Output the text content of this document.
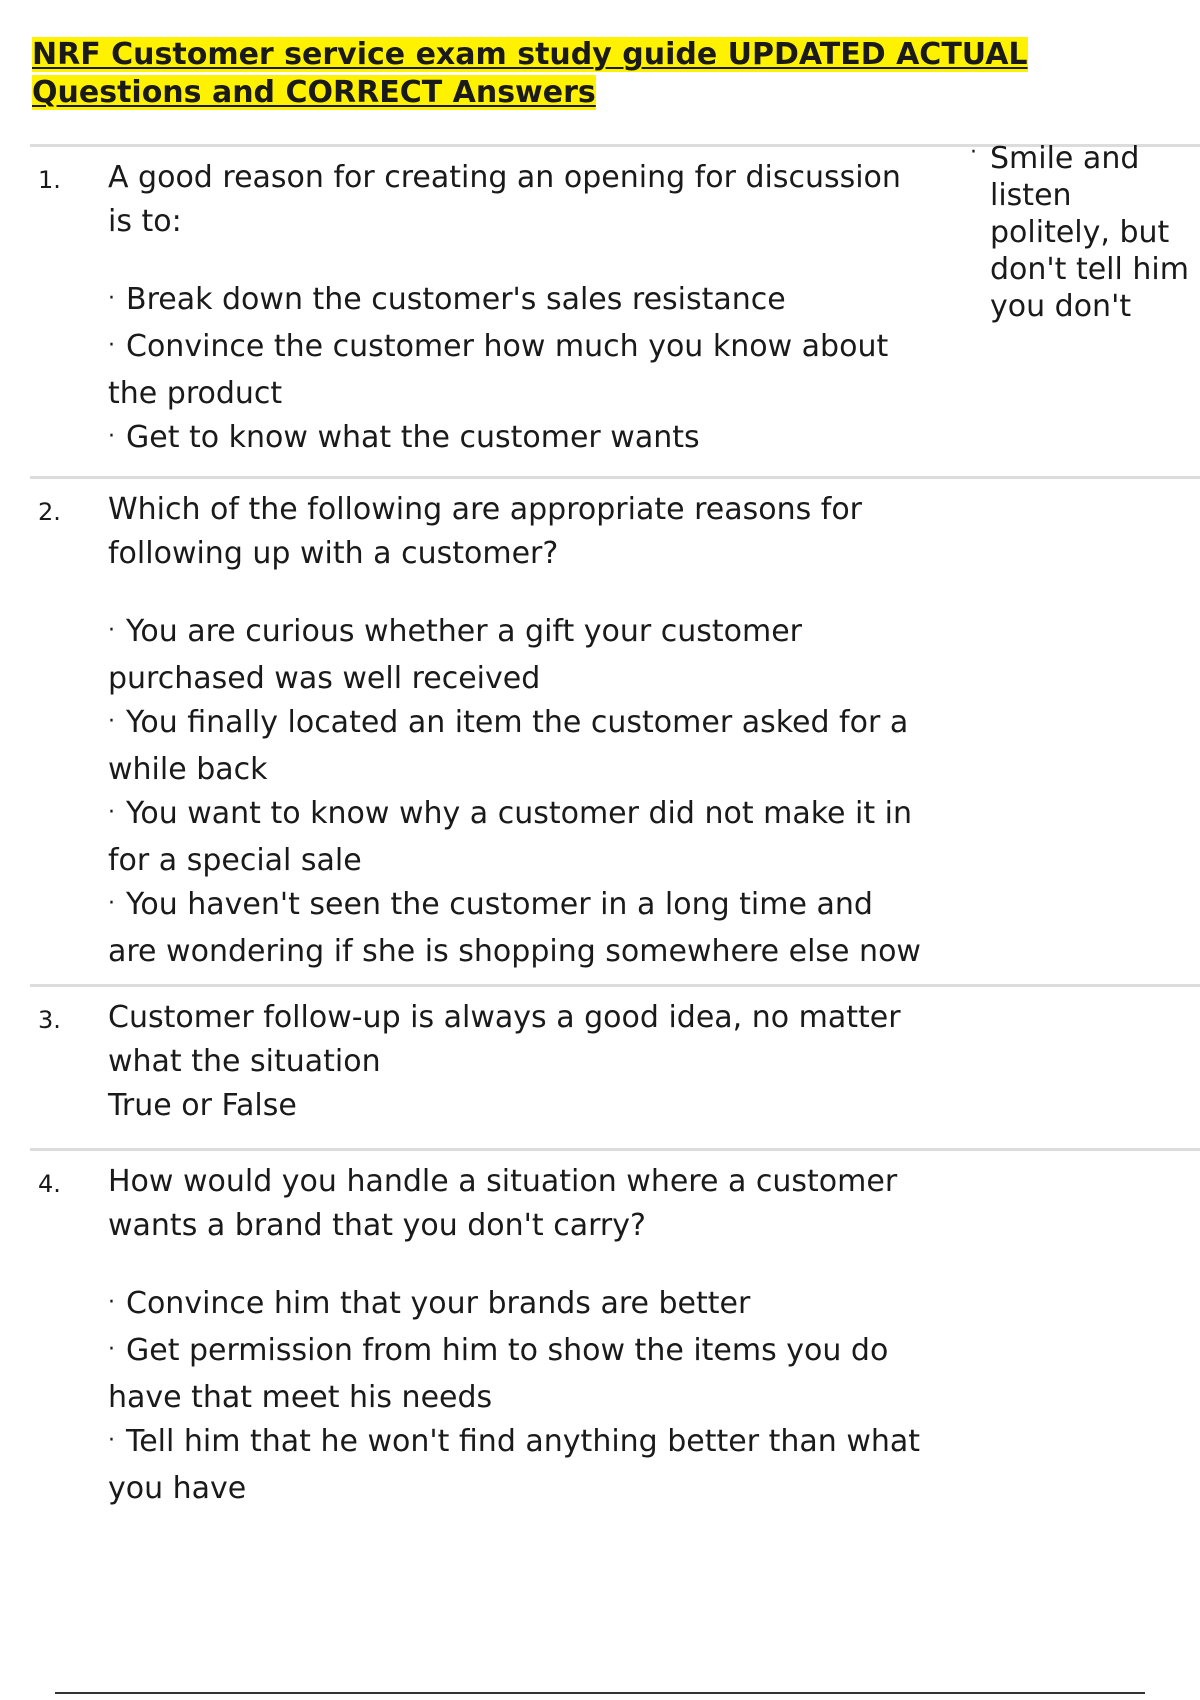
NRF Customer service exam study guide UPDATED ACTUAL Questions and CORRECT Answers
1. A good reason for creating an opening for discussion is to:

· Break down the customer's sales resistance

· Convince the customer how much you know about the product

· Get to know what the customer wants

Smile and listen politely, but don't tell him you don't
·
2. Which of the following are appropriate reasons for following up with a customer?

· You are curious whether a gift your customer purchased was well received

· You finally located an item the customer asked for a while back

· You want to know why a customer did not make it in for a special sale

· You haven't seen the customer in a long time and are wondering if she is shopping somewhere else now

3. Customer follow-up is always a good idea, no matter what the situation

True or False

4. How would you handle a situation where a customer wants a brand that you don't carry?

· Convince him that your brands are better

· Get permission from him to show the items you do have that meet his needs

· Tell him that he won't find anything better than what you have
